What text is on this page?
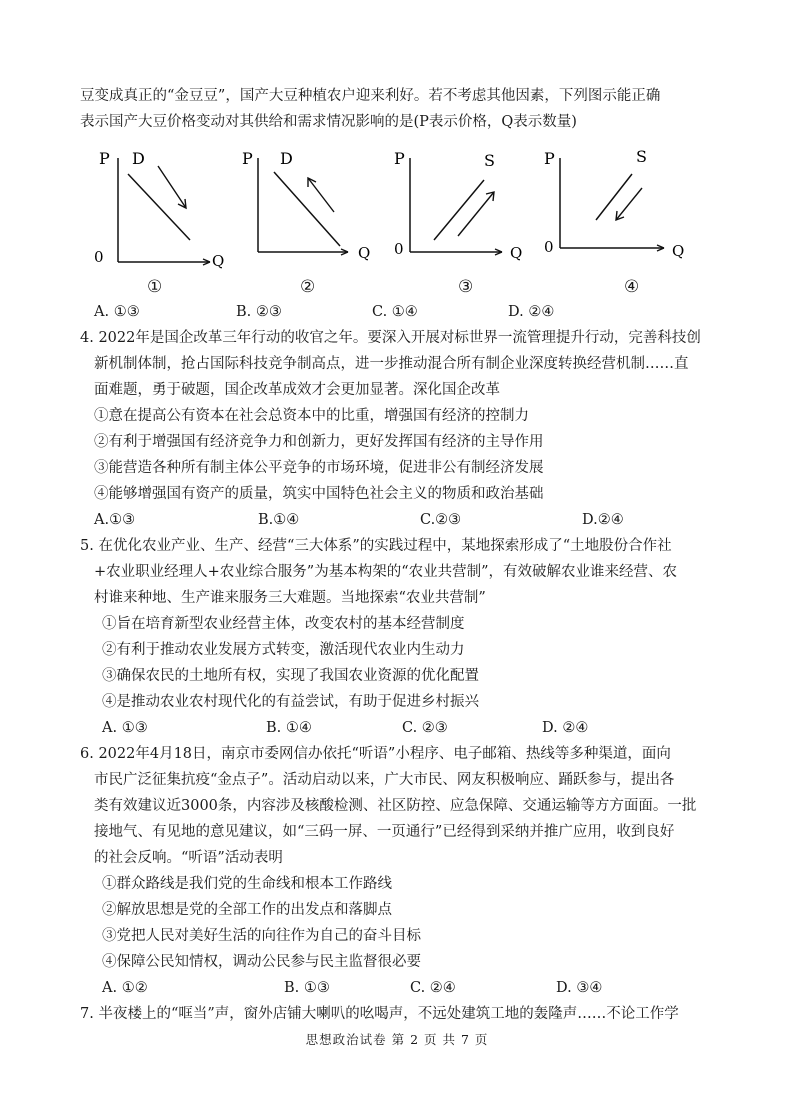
豆变成真正的“金豆豆”，国产大豆种植农户迎来利好。若不考虑其他因素，下列图示能正确
表示国产大豆价格变动对其供给和需求情况影响的是(P表示价格，Q表示数量)
P D
0	Q
①
P D
Q
②
P	S
0	Q
③
P	S
0	Q
④
A. ①③	B. ②③	C. ①④	D. ②④
4. 2022年是国企改革三年行动的收官之年。要深入开展对标世界一流管理提升行动，完善科技创
新机制体制，抢占国际科技竞争制高点，进一步推动混合所有制企业深度转换经营机制……直
面难题，勇于破题，国企改革成效才会更加显著。深化国企改革
①意在提高公有资本在社会总资本中的比重，增强国有经济的控制力
②有利于增强国有经济竞争力和创新力，更好发挥国有经济的主导作用
③能营造各种所有制主体公平竞争的市场环境，促进非公有制经济发展
④能够增强国有资产的质量，筑实中国特色社会主义的物质和政治基础
A.①③	B.①④	C.②③	D.②④
5. 在优化农业产业、生产、经营“三大体系”的实践过程中，某地探索形成了“土地股份合作社
+农业职业经理人+农业综合服务”为基本构架的“农业共营制”，有效破解农业谁来经营、农
村谁来种地、生产谁来服务三大难题。当地探索“农业共营制”
①旨在培育新型农业经营主体，改变农村的基本经营制度
②有利于推动农业发展方式转变，激活现代农业内生动力
③确保农民的土地所有权，实现了我国农业资源的优化配置
④是推动农业农村现代化的有益尝试，有助于促进乡村振兴
A. ①③	B. ①④	C. ②③	D. ②④
6. 2022年4月18日，南京市委网信办依托“听语”小程序、电子邮箱、热线等多种渠道，面向
市民广泛征集抗疫“金点子”。活动启动以来，广大市民、网友积极响应、踊跃参与，提出各
类有效建议近3000条，内容涉及核酸检测、社区防控、应急保障、交通运输等方方面面。一批
接地气、有见地的意见建议，如“三码一屏、一页通行”已经得到采纳并推广应用，收到良好
的社会反响。“听语”活动表明
①群众路线是我们党的生命线和根本工作路线
②解放思想是党的全部工作的出发点和落脚点
③党把人民对美好生活的向往作为自己的奋斗目标
④保障公民知情权，调动公民参与民主监督很必要
A. ①②	B. ①③	C. ②④	D. ③④
7. 半夜楼上的“哐当”声，窗外店铺大喇叭的吆喝声，不远处建筑工地的轰隆声……不论工作学
思想政治试卷 第 2 页 共 7 页
